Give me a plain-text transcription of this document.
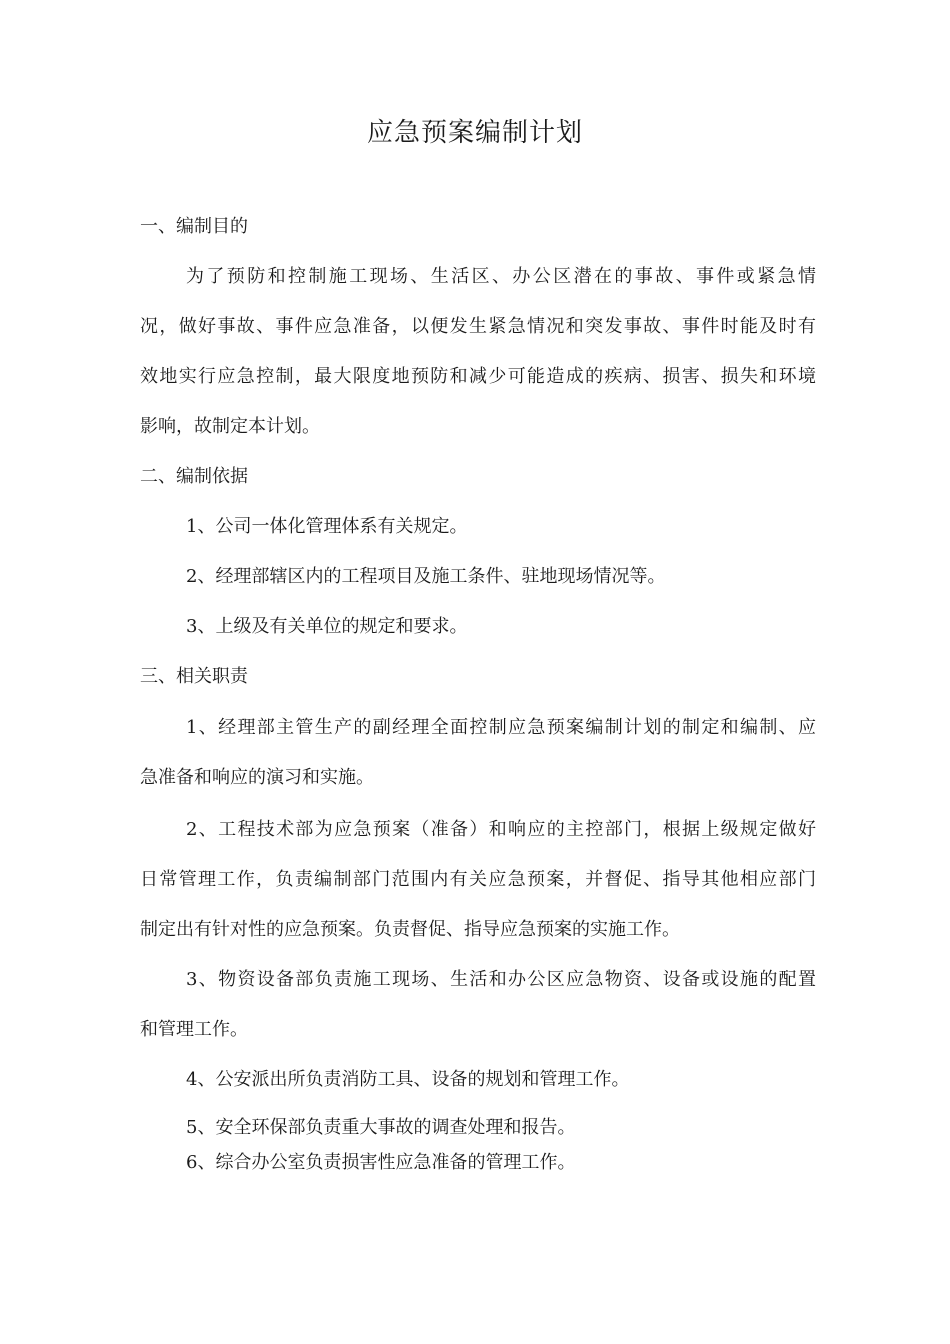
应急预案编制计划

一、编制目的

为了预防和控制施工现场、生活区、办公区潜在的事故、事件或紧急情

况，做好事故、事件应急准备，以便发生紧急情况和突发事故、事件时能及时有

效地实行应急控制，最大限度地预防和减少可能造成的疾病、损害、损失和环境

影响，故制定本计划。

二、编制依据

1、公司一体化管理体系有关规定。

2、经理部辖区内的工程项目及施工条件、驻地现场情况等。

3、上级及有关单位的规定和要求。

三、相关职责

1、经理部主管生产的副经理全面控制应急预案编制计划的制定和编制、应

急准备和响应的演习和实施。

2、工程技术部为应急预案（准备）和响应的主控部门，根据上级规定做好

日常管理工作，负责编制部门范围内有关应急预案，并督促、指导其他相应部门

制定出有针对性的应急预案。负责督促、指导应急预案的实施工作。

3、物资设备部负责施工现场、生活和办公区应急物资、设备或设施的配置

和管理工作。

4、公安派出所负责消防工具、设备的规划和管理工作。

5、安全环保部负责重大事故的调查处理和报告。

6、综合办公室负责损害性应急准备的管理工作。
